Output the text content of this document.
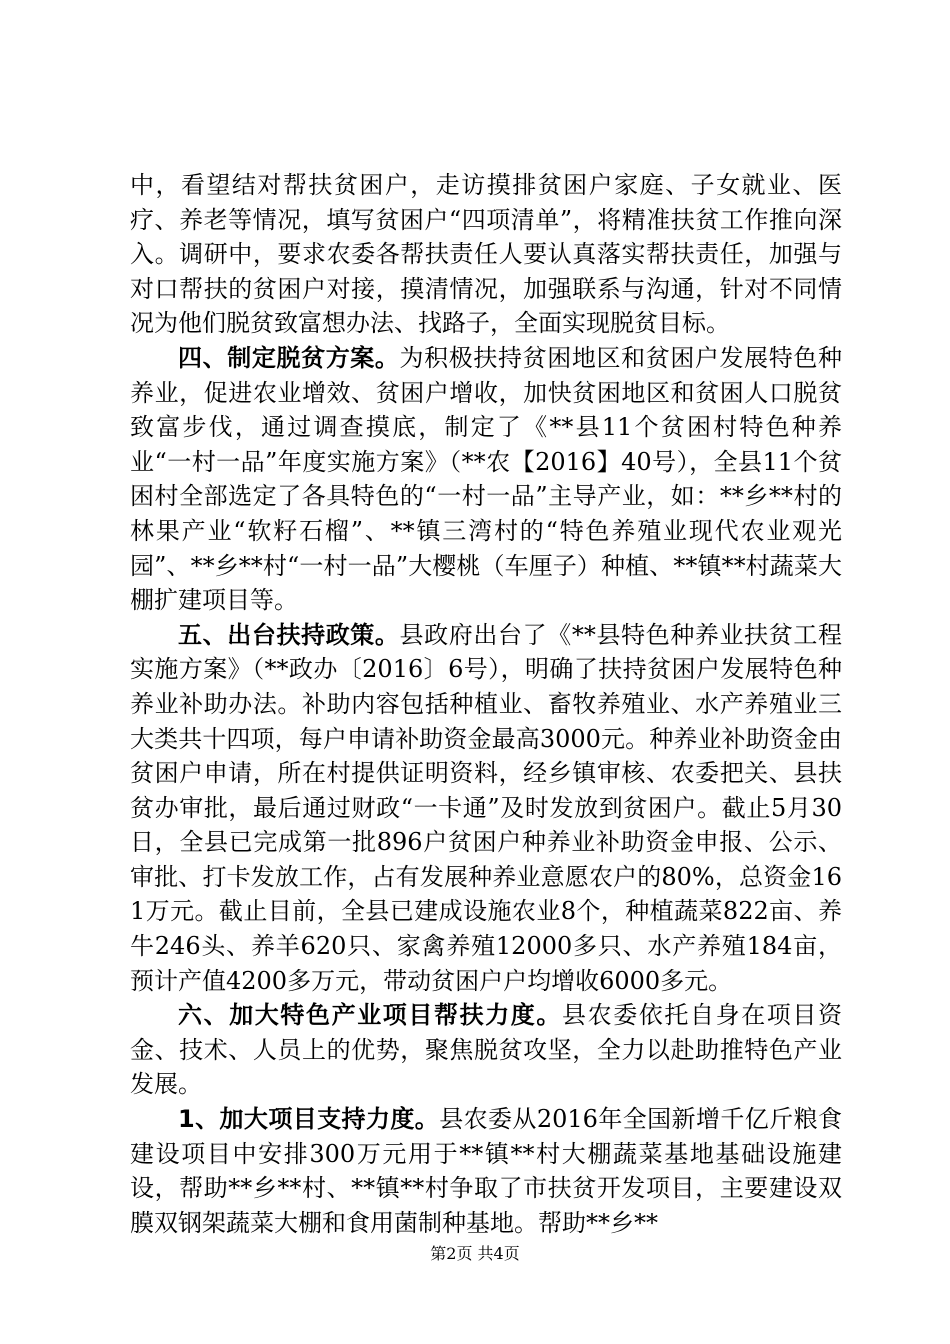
中，看望结对帮扶贫困户，走访摸排贫困户家庭、子女就业、医疗、养老等情况，填写贫困户“四项清单”，将精准扶贫工作推向深入。调研中，要求农委各帮扶责任人要认真落实帮扶责任，加强与对口帮扶的贫困户对接，摸清情况，加强联系与沟通，针对不同情况为他们脱贫致富想办法、找路子，全面实现脱贫目标。

四、制定脱贫方案。为积极扶持贫困地区和贫困户发展特色种养业，促进农业增效、贫困户增收，加快贫困地区和贫困人口脱贫致富步伐，通过调查摸底，制定了《**县11个贫困村特色种养业“一村一品”年度实施方案》（**农【2016】40号），全县11个贫困村全部选定了各具特色的“一村一品”主导产业，如：**乡**村的林果产业“软籽石榴”、**镇三湾村的“特色养殖业现代农业观光园”、**乡**村“一村一品”大樱桃（车厘子）种植、**镇**村蔬菜大棚扩建项目等。

五、出台扶持政策。县政府出台了《**县特色种养业扶贫工程实施方案》（**政办〔2016〕6号），明确了扶持贫困户发展特色种养业补助办法。补助内容包括种植业、畜牧养殖业、水产养殖业三大类共十四项，每户申请补助资金最高3000元。种养业补助资金由贫困户申请，所在村提供证明资料，经乡镇审核、农委把关、县扶贫办审批，最后通过财政“一卡通”及时发放到贫困户。截止5月30日，全县已完成第一批896户贫困户种养业补助资金申报、公示、审批、打卡发放工作，占有发展种养业意愿农户的80%，总资金161万元。截止目前，全县已建成设施农业8个，种植蔬菜822亩、养牛246头、养羊620只、家禽养殖12000多只、水产养殖184亩，预计产值4200多万元，带动贫困户户均增收6000多元。

六、加大特色产业项目帮扶力度。县农委依托自身在项目资金、技术、人员上的优势，聚焦脱贫攻坚，全力以赴助推特色产业发展。

1、加大项目支持力度。县农委从2016年全国新增千亿斤粮食建设项目中安排300万元用于**镇**村大棚蔬菜基地基础设施建设，帮助**乡**村、**镇**村争取了市扶贫开发项目，主要建设双膜双钢架蔬菜大棚和食用菌制种基地。帮助**乡**

第2页 共4页
